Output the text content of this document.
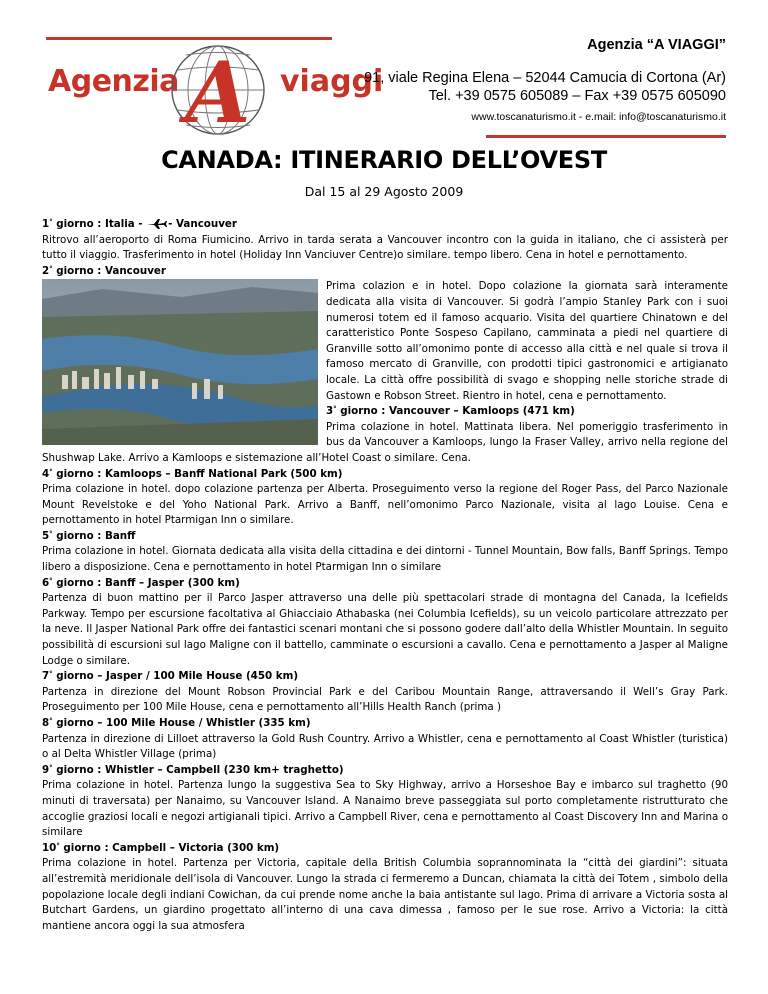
Agenzia A viaggi
Agenzia “A VIAGGI”
91, viale Regina Elena – 52044 Camucia di Cortona (Ar)
Tel. +39 0575 605089 – Fax +39 0575 605090
www.toscanaturismo.it - e.mail: info@toscanaturismo.it
CANADA: ITINERARIO DELL’OVEST
Dal 15 al 29 Agosto 2009

1° giorno : Italia - - Vancouver

Ritrovo all’aeroporto di Roma Fiumicino. Arrivo in tarda serata a Vancouver incontro con la guida in italiano, che ci assisterà per tutto il viaggio. Trasferimento in hotel (Holiday Inn Vanciuver Centre)o similare. tempo libero. Cena in hotel e pernottamento.

2° giorno : Vancouver

Prima colazion e in hotel. Dopo colazione la giornata sarà interamente dedicata alla visita di Vancouver. Si godrà l’ampio Stanley Park con i suoi numerosi totem ed il famoso acquario. Visita del quartiere Chinatown e del caratteristico Ponte Sospeso Capilano, camminata a piedi nel quartiere di Granville sotto all’omonimo ponte di accesso alla città e nel quale si trova il famoso mercato di Granville, con prodotti tipici gastronomici e artigianato locale. La città offre possibilità di svago e shopping nelle storiche strade di Gastown e Robson Street. Rientro in hotel, cena e pernottamento.

3° giorno : Vancouver – Kamloops (471 km)

Prima colazione in hotel. Mattinata libera. Nel pomeriggio trasferimento in bus da Vancouver a Kamloops, lungo la Fraser Valley, arrivo nella regione del Shushwap Lake. Arrivo a Kamloops e sistemazione all’Hotel Coast o similare. Cena.

4° giorno : Kamloops – Banff National Park (500 km)

Prima colazione in hotel. dopo colazione partenza per Alberta. Proseguimento verso la regione del Roger Pass, del Parco Nazionale Mount Revelstoke e del Yoho National Park. Arrivo a Banff, nell’omonimo Parco Nazionale, visita al lago Louise. Cena e pernottamento in hotel Ptarmigan Inn o similare.

5° giorno : Banff

Prima colazione in hotel. Giornata dedicata alla visita della cittadina e dei dintorni - Tunnel Mountain, Bow falls, Banff Springs. Tempo libero a disposizione. Cena e pernottamento in hotel Ptarmigan Inn o similare

6° giorno : Banff – Jasper (300 km)

Partenza di buon mattino per il Parco Jasper attraverso una delle più spettacolari strade di montagna del Canada, la Icefields Parkway. Tempo per escursione facoltativa al Ghiacciaio Athabaska (nei Columbia Icefields), su un veicolo particolare attrezzato per la neve. Il Jasper National Park offre dei fantastici scenari montani che si possono godere dall’alto della Whistler Mountain. In seguito possibilità di escursioni sul lago Maligne con il battello, camminate o escursioni a cavallo. Cena e pernottamento a Jasper al Maligne Lodge o similare.

7° giorno – Jasper / 100 Mile House (450 km)

Partenza in direzione del Mount Robson Provincial Park e del Caribou Mountain Range, attraversando il Well’s Gray Park. Proseguimento per 100 Mile House, cena e pernottamento all’Hills Health Ranch (prima )

8° giorno – 100 Mile House / Whistler (335 km)

Partenza in direzione di Lilloet attraverso la Gold Rush Country. Arrivo a Whistler, cena e pernottamento al Coast Whistler (turistica) o al Delta Whistler Village (prima)

9° giorno : Whistler – Campbell (230 km+ traghetto)

Prima colazione in hotel. Partenza lungo la suggestiva Sea to Sky Highway, arrivo a Horseshoe Bay e imbarco sul traghetto (90 minuti di traversata) per Nanaimo, su Vancouver Island. A Nanaimo breve passeggiata sul porto completamente ristrutturato che accoglie graziosi locali e negozi artigianali tipici. Arrivo a Campbell River, cena e pernottamento al Coast Discovery Inn and Marina o similare

10° giorno : Campbell – Victoria (300 km)

Prima colazione in hotel. Partenza per Victoria, capitale della British Columbia soprannominata la “città dei giardini”: situata all’estremità meridionale dell’isola di Vancouver. Lungo la strada ci fermeremo a Duncan, chiamata la città dei Totem , simbolo della popolazione locale degli indiani Cowichan, da cui prende nome anche la baia antistante sul lago. Prima di arrivare a Victoria sosta al Butchart Gardens, un giardino progettato all’interno di una cava dimessa , famoso per le sue rose. Arrivo a Victoria: la città mantiene ancora oggi la sua atmosfera
